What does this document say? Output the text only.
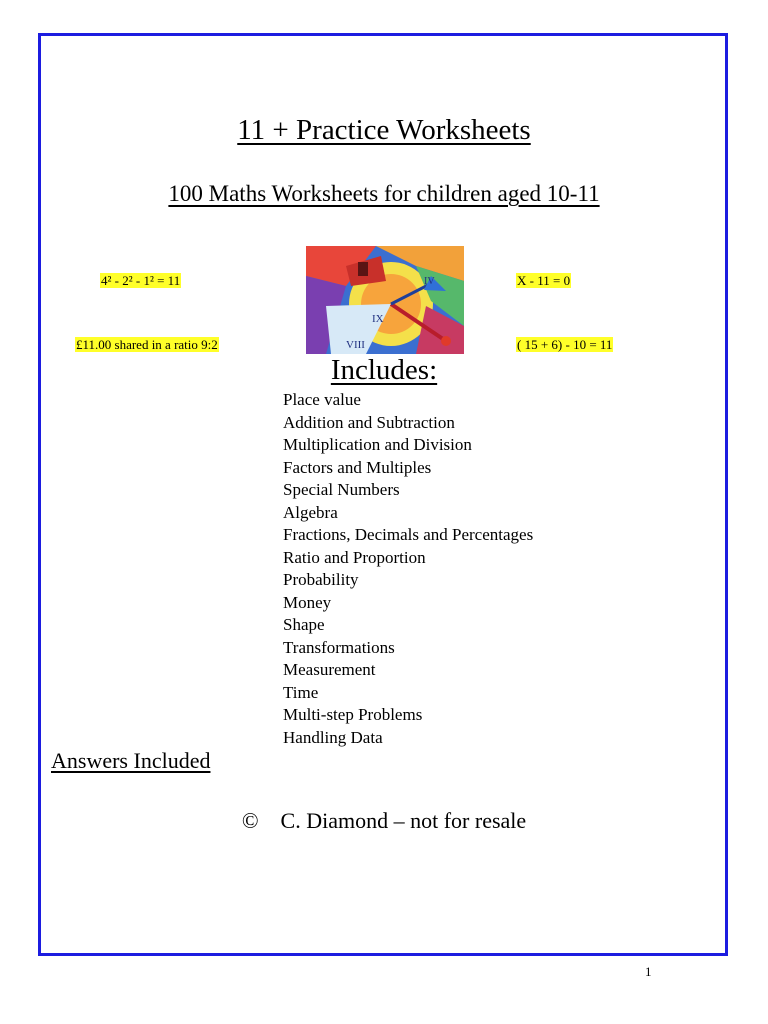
11 + Practice Worksheets
100 Maths Worksheets for children aged 10-11
4² - 2² - 1² = 11
£11.00 shared in a ratio 9:2
X - 11 = 0
( 15 + 6) - 10 = 11
IX
VIII
IV
Includes:
Place value
Addition and Subtraction
Multiplication and Division
Factors and Multiples
Special Numbers
Algebra
Fractions, Decimals and Percentages
Ratio and Proportion
Probability
Money
Shape
Transformations
Measurement
Time
Multi-step Problems
Handling Data
Answers Included
© C. Diamond – not for resale
1
